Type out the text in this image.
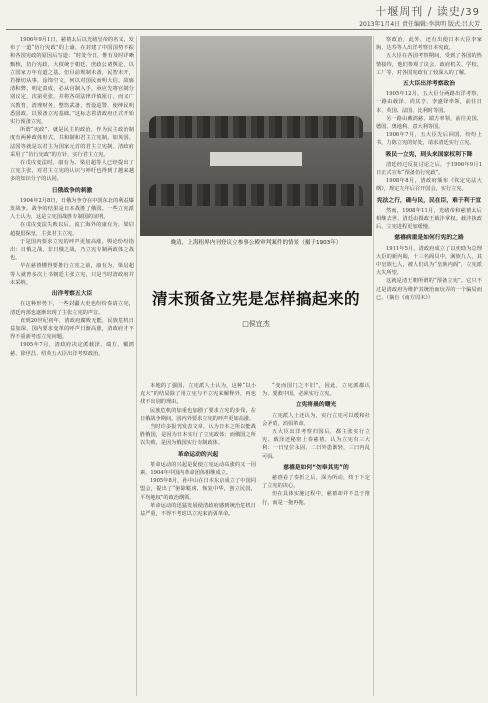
十堰周刊 / 读史/39
2013年1月4日 责任编辑:李洪明 版式:吕大芳

1906年9月1日，慈禧太后以光绪皇帝的名义，发布了一道“仿行宪政”的上谕，在封建了中国国势不振和各国宪政的原因后写道：“时处今日，惟有及时详晰甄核，仿行宪政，大权统于朝廷，庶政公诸舆论，以立国家万年有道之基。但目前规制未备，民智未开，若操切从事，涂饰空文，何以对国民而明大信。故廓清积弊，明定责成，必从官制入手，亟应先将官制分别议定，次第更张。并将各项法律详慎厘订，而又广兴教育，清理财务，整饬武备，普设巡警，使绅民明悉国政，以预备立宪基础。”这标志着清政府正式开始实行预备立宪。

所谓“宪政”，就是民主的政治，作为民主政治制度有两种政体形式，共和制和君主立宪制。如英国、法国等就是以君主为国家元首的君主立宪制。清政府采用了“仿行宪政”的方针，实行君主立宪。

在戊戌变法时，康有为、梁启超等人已经提出了立宪主张，对君主立宪的认识与呼吁也得到了越来越多的知识分子的认同。

日俄战争的刺激

1904年2月8日，日俄为争夺在中国东北的利益爆发战争。战争的结果是日本战胜了俄国。一些立宪派人士认为，这是立宪国战胜专制国的证明。

在戊戌变法失败以后，流亡海外的康有为、梁启超提倡保皇，主张君主立宪。

于是国内要求立宪的呼声更加高涨。舆论纷纷指出：日俄之战，非日俄之战，乃立宪专制两政体之战也。

早在慈禧懂得要推行立宪之前，康有为、梁启超等人就曾多次上书朝廷主张立宪，只是当时清政府并未采纳。

出洋考察五大臣

在这种形势下，一些封疆大吏也纷纷奏请立宪，清廷内部也逐渐出现了主张立宪的声音。

直到20世纪初年，清政府腐败无能，民族危机日益加深，国内要求变革的呼声日渐高涨，清政府才不得不重新考虑立宪问题。

1905年7月，清政府决定派载泽、端方、戴鸿慈、徐世昌、绍英五大臣出洋考察政治。

晚清，上海租界内刊登议立参事公殿审判案件的情景（摄于1903年）
清末预备立宪是怎样搞起来的
□侯宜杰

本地的了强国，立宪派人士认为，这种“以小克大”的结局除了用立宪与不立宪来解释外，再也找不出别的理由。

民族危机的加重也加剧了要求立宪的步伐，在日俄战争期间，国内外要求立宪的呼声更加高涨。

当时许多报刊发表文章，认为日本之所以能战胜俄国，是因为日本实行了立宪政体；而俄国之所以失败，是因为俄国实行专制政体。

革命运动的兴起

革命运动的兴起是促使立宪运动高涨的又一因素。1904年中国内革命团体相继成立。

1905年8月，孙中山在日本东京成立了中国同盟会，提出了“驱除鞑虏，恢复中华，创立民国，平均地权”的政治纲领。

革命运动的迅猛发展使清政府感到统治危机日益严重，不得不考虑以立宪来消弭革命。

“变而国门之不旧”，因此，立宪派都认为，要救中国，必须实行立宪。

立宪将晨的曙光

立宪派人士还认为，实行立宪可以缓和社会矛盾，消弭革命。

五大臣出洋考察归国后，都主张实行立宪。载泽还秘密上奏慈禧，认为立宪有三大利：一曰皇位永固，二曰外患渐轻，三曰内乱可弭。

慈禧是如何“勿奉其宪”的

慈禧看了奏折之后，深为所动，终于下定了立宪的决心。

但在具体实施过程中，慈禧却并不急于推行，而是一拖再拖。

察政治，此外，还有出使日本大臣李家驹、达寿等人出洋考察日本宪政。

五大臣在各国考察期间，受到了各国的热情接待，他们参观了议会、政府机关、学校、工厂等，对各国宪政有了较深入的了解。

五大臣出洋考察政治

1905年12月，五大臣分两路出洋考察，一路由载泽、尚其亨、李盛铎率领，前往日本、英国、法国、比利时等国。

另一路由戴鸿慈、端方率领，前往美国、德国、奥地利、意大利等国。

1906年7月，五大臣先后回国，纷纷上书，力陈立宪的好处，请求清廷实行立宪。

吸民一立宪，到头来国家权利下降

清廷经过反复讨论之后，于1906年9月1日正式宣布“预备仿行宪政”。

1908年8月，清政府颁布《钦定宪法大纲》，规定九年后召开国会，实行立宪。

宪法之行，确与民，民在臣，难于利于宣

然而，1908年11月，光绪帝和慈禧太后相继去世，清廷由摄政王载沣掌权。载沣执政后，立宪进程更加缓慢。

慈禧病重是如何行宪的之路

1911年5月，清政府成立了以奕劻为总理大臣的新内阁，十三名阁员中，满族九人，其中皇族七人，被人们讥为“皇族内阁”，立宪派大失所望。

这就是清王朝所谓的“预备立宪”。它只不过是清政府为维护其统治而玩弄的一个骗局而已。（摘自《南方周末》）
